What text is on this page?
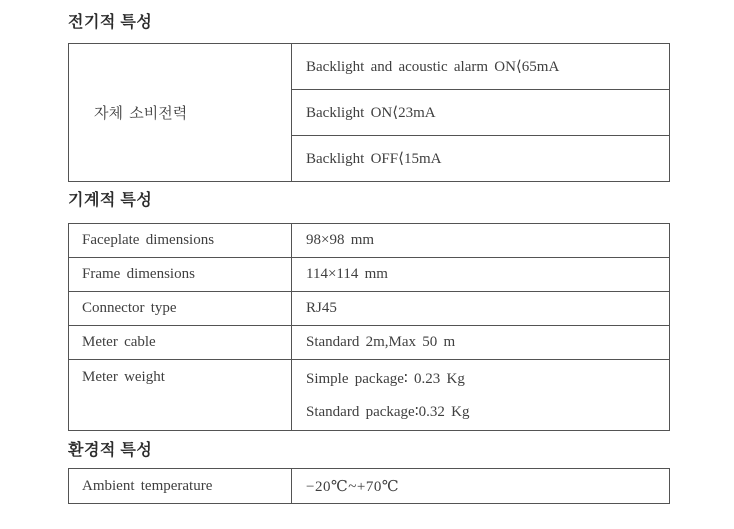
전기적 특성
자체 소비전력	Backlight and acoustic alarm ON⟨65mA
Backlight ON⟨23mA
Backlight OFF⟨15mA
기계적 특성
Faceplate dimensions	98×98 mm
Frame dimensions	114×114 mm
Connector type	RJ45
Meter cable	Standard 2m,Max 50 m
Meter weight	Simple package∶ 0.23 Kg
Standard package∶0.32 Kg
환경적 특성
Ambient temperature	−20℃~+70℃
